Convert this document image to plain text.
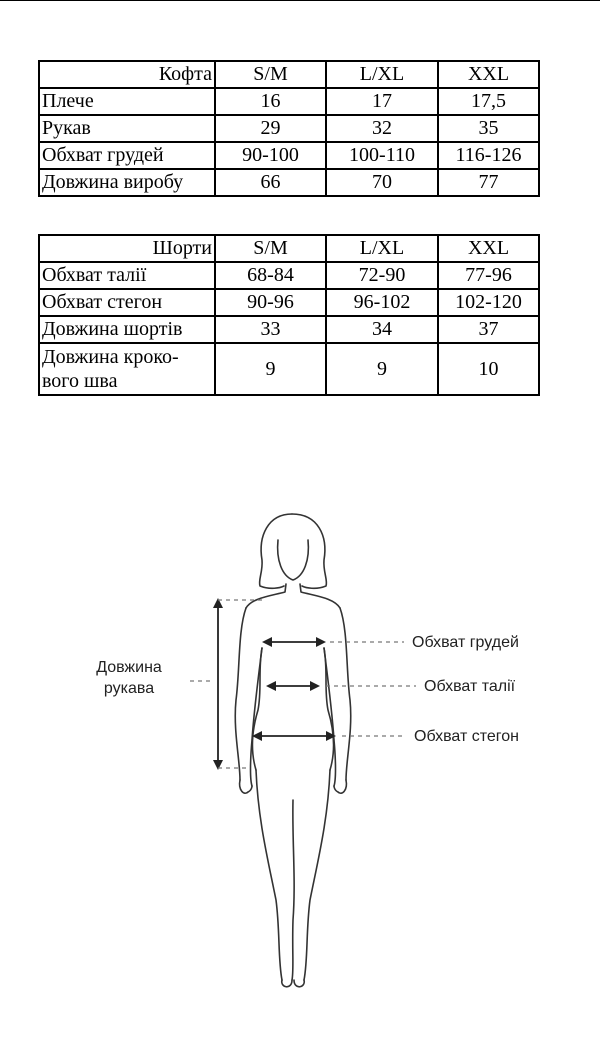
Кофта	S/M	L/XL	XXL
Плече	16	17	17,5
Рукав	29	32	35
Обхват грудей	90-100	100-110	116-126
Довжина виробу	66	70	77
Шорти	S/M	L/XL	XXL
Обхват талії	68-84	72-90	77-96
Обхват стегон	90-96	96-102	102-120
Довжина шортів	33	34	37
Довжина кроко-вого шва	9	9	10
Довжина
рукава
Обхват грудей
Обхват талії
Обхват стегон
